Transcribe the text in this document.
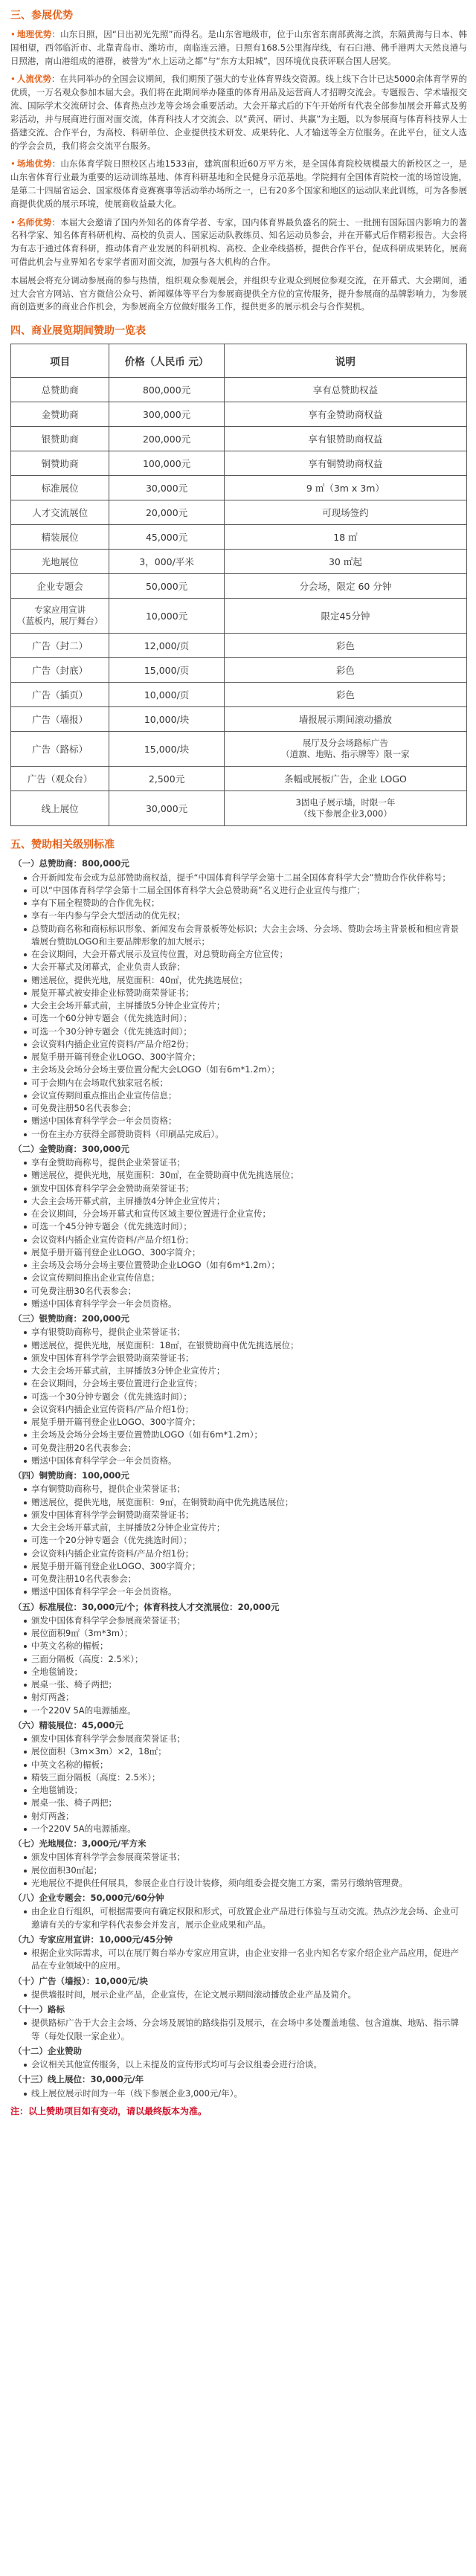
三、参展优势

• 地理优势：山东日照，因“日出初光先照”而得名。是山东省地级市，位于山东省东南部黄海之滨，东隔黄海与日本、韩国相望，西邻临沂市、北靠青岛市、潍坊市，南临连云港。日照有168.5公里海岸线，有石臼港、佛手港两大天然良港与日照港，南山港组成的港群，被誉为“水上运动之都”与“东方太阳城”，因环境优良获评联合国人居奖。

• 人流优势：在共同举办的全国会议期间，我们期预了强大的专业体育界线交资源。线上线下合计已达5000余体育学界的优质，一万名观众参加本届大会。我们将在此期间举办隆重的体育用品及运营商人才招聘交流会。专题报告、学术墙报交流、国际学术交流研讨会、体育热点沙龙等会场会重要活动。大会开幕式后的下午开始所有代表全部参加展会开幕式及剪彩活动，并与展商进行面对面交流，体育科技人才交流会、以“黄河、研讨、共赢”为主题，以为参展商与体育科技界人士搭建交流、合作平台，为高校、科研单位、企业提供技术研发、成果转化、人才输送等全方位服务。在此平台，征文人选的学会会员，我们将会交流平台服务。

• 场地优势：山东体育学院日照校区占地1533亩，建筑面积近60万平方米，是全国体育院校规模最大的新校区之一，是山东省体育行业最为重要的运动训练基地、体育科研基地和全民健身示范基地。学院拥有全国体育院校一流的场馆设施，是第二十四届省运会、国家级体育竞赛赛事等活动举办场所之一，已有20多个国家和地区的运动队来此训练，可为各参展商提供优质的展示环境，使展商收益最大化。

• 名师优势：本届大会邀请了国内外知名的体育学者、专家，国内体育界最负盛名的院士、一批拥有国际国内影响力的著名科学家、知名体育科研机构、高校的负责人、国家运动队教练员、知名运动员参会，并在开幕式后作精彩报告。大会将为有志于通过体育科研，推动体育产业发展的科研机构、高校、企业牵线搭桥，提供合作平台，促成科研成果转化。展商可借此机会与业界知名专家学者面对面交流，加强与各大机构的合作。

本届展会将充分调动参展商的参与热情，组织观众参观展会，并组织专业观众到展位参观交流，在开幕式、大会期间，通过大会官方网站、官方微信公众号、新闻媒体等平台为参展商提供全方位的宣传服务，提升参展商的品牌影响力，为参展商创造更多的商业合作机会，为参展商全方位做好服务工作，提供更多的展示机会与合作契机。

四、商业展览期间赞助一览表
项目	价格（人民币 元）	说明
总赞助商	800,000元	享有总赞助权益
金赞助商	300,000元	享有金赞助商权益
银赞助商	200,000元	享有银赞助商权益
铜赞助商	100,000元	享有铜赞助商权益
标准展位	30,000元	9 ㎡（3m x 3m）
人才交流展位	20,000元	可现场签约
精装展位	45,000元	18 ㎡
光地展位	3，000/平米	30 ㎡起
企业专题会	50,000元	分会场，限定 60 分钟

专家应用宣讲
（蓝板内，展厅舞台）	10,000元	限定45分钟
广告（封二）	12,000/页	彩色
广告（封底）	15,000/页	彩色
广告（插页）	10,000/页	彩色
广告（墙报）	10,000/块	墙报展示期间滚动播放
广告（路标）	15,000/块	展厅及分会场路标广告
（道旗、地贴、指示牌等）限一家

广告（观众台）	2,500元	条幅或展板广告，企业 LOGO
线上展位	30,000元	3固电子展示墙，时限一年
（线下参展企业3,000）
五、赞助相关级别标准
（一）总赞助商：800,000元
合开新闻发布会或为总部赞助商权益，提手“中国体育科学学会第十二届全国体育科学大会”赞助合作伙伴称号；
可以“中国体育科学学会第十二届全国体育科学大会总赞助商”名义进行企业宣传与推广；
享有下届全程赞助的合作优先权；
享有一年内参与学会大型活动的优先权；
总赞助商名称和商标标识形象、新闻发布会背景板等处标识；大会主会场、分会场、赞助会场主背景板和相应背景墙展台赞助LOGO和主要品牌形象的加大展示；
在会议期间，大会开幕式展示及宣传位置，对总赞助商全方位宣传；
大会开幕式及闭幕式，企业负责人致辞；
赠送展位，提供光地，展览面积：40㎡，优先挑选展位；
展览开幕式被安排企业标赞助商荣誉证书；
大会主会场开幕式前，主屏播放5分钟企业宣传片；
可选一个60分钟专题会（优先挑选时间）；
可选一个30分钟专题会（优先挑选时间）；
会议资料内插企业宣传资料/产品介绍2份；
展览手册开篇刊登企业LOGO、300字简介；
主会场及会场分会场主要位置分配大会LOGO（如有6m*1.2m）；
可于会期内在会场取代独家冠名板；
会议宣传期间重点推出企业宣传信息；
可免费注册50名代表参会；
赠送中国体育科学学会一年会员资格；
一份在主办方获得全部赞助资料（印刷品完成后）。
（二）金赞助商：300,000元
享有金赞助商称号，提供企业荣誉证书；
赠送展位，提供光地，展览面积：30㎡，在金赞助商中优先挑选展位；
颁发中国体育科学学会金赞助商荣誉证书；
大会主会场开幕式前，主屏播放4分钟企业宣传片；
在会议期间，分会场开幕式和宣传区域主要位置进行企业宣传；
可选一个45分钟专题会（优先挑选时间）；
会议资料内插企业宣传资料/产品介绍1份；
展览手册开篇刊登企业LOGO、300字简介；
主会场及会场分会场主要位置赞助企业LOGO（如有6m*1.2m）；
会议宣传期间推出企业宣传信息；
可免费注册30名代表参会；
赠送中国体育科学学会一年会员资格。
（三）银赞助商：200,000元
享有银赞助商称号，提供企业荣誉证书；
赠送展位，提供光地，展览面积：18㎡，在银赞助商中优先挑选展位；
颁发中国体育科学学会银赞助商荣誉证书；
大会主会场开幕式前，主屏播放3分钟企业宣传片；
在会议期间，分会场主要位置进行企业宣传；
可选一个30分钟专题会（优先挑选时间）；
会议资料内插企业宣传资料/产品介绍1份；
展览手册开篇刊登企业LOGO、300字简介；
主会场及会场分会场主要位置赞助LOGO（如有6m*1.2m）；
可免费注册20名代表参会；
赠送中国体育科学学会一年会员资格。
（四）铜赞助商：100,000元
享有铜赞助商称号，提供企业荣誉证书；
赠送展位，提供光地，展览面积：9㎡，在铜赞助商中优先挑选展位；
颁发中国体育科学学会铜赞助商荣誉证书；
大会主会场开幕式前，主屏播放2分钟企业宣传片；
可选一个20分钟专题会（优先挑选时间）；
会议资料内插企业宣传资料/产品介绍1份；
展览手册开篇刊登企业LOGO、300字简介；
可免费注册10名代表参会；
赠送中国体育科学学会一年会员资格。
（五）标准展位：30,000元/个；体育科技人才交流展位：20,000元
颁发中国体育科学学会参展商荣誉证书；
展位面积9㎡（3m*3m）；
中英文名称的楣板；
三面分隔板（高度：2.5米）；
全地毯铺设；
展桌一张、椅子两把；
射灯两盏；
一个220V 5A的电源插座。
（六）精装展位：45,000元
颁发中国体育科学学会参展商荣誉证书；
展位面积（3m×3m）×2，18㎡；
中英文名称的楣板；
精装三面分隔板（高度：2.5米）；
全地毯铺设；
展桌一张、椅子两把；
射灯两盏；
一个220V 5A的电源插座。
（七）光地展位：3,000元/平方米
颁发中国体育科学学会参展商荣誉证书；
展位面积30㎡起；
光地展位不提供任何展具，参展企业自行设计装修，须向组委会提交施工方案，需另行缴纳管理费。
（八）企业专题会：50,000元/60分钟
由企业自行组织，可根据需要向有确定权限和形式，可放置企业产品进行体验与互动交流。热点沙龙会场、企业可邀请有关的专家和学科代表参会并发言，展示企业成果和产品。
（九）专家应用宣讲：10,000元/45分钟
根据企业实际需求，可以在展厅舞台举办专家应用宣讲，由企业安排一名业内知名专家介绍企业产品应用，促进产品在专业领域中的应用。
（十）广告（墙报）：10,000元/块
提供墙报时间，展示企业产品，企业宣传，在论文展示期间滚动播放企业产品及简介。
（十一）路标
提供路标广告于大会主会场、分会场及展馆的路线指引及展示，在会场中多处覆盖地毯、包含道旗、地贴、指示牌等（每处仅限一家企业）。
（十二）企业赞助
会议相关其他宣传服务，以上未提及的宣传形式均可与会议组委会进行洽谈。
（十三）线上展位：30,000元/年
线上展位展示时间为一年（线下参展企业3,000元/年）。
注：以上赞助项目如有变动，请以最终版本为准。
